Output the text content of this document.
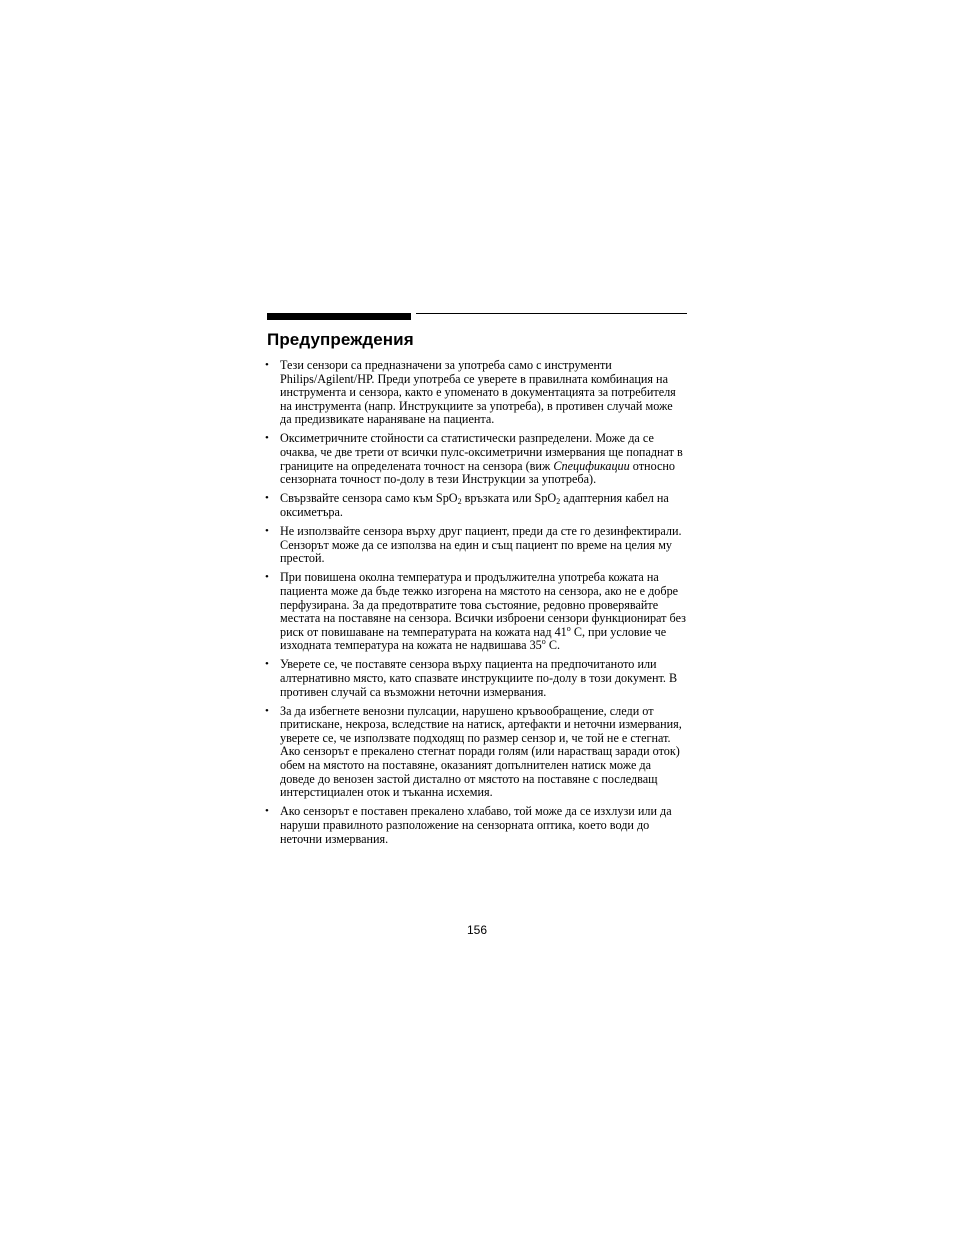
Предупреждения
• Тези сензори са предназначени за употреба само с инструменти Philips/Agilent/HP. Преди употреба се уверете в правилната комбинация на инструмента и сензора, както е упоменато в документацията за потребителя на инструмента (напр. Инструкциите за употреба), в противен случай може да предизвикате нараняване на пациента.
• Оксиметричните стойности са статистически разпределени. Може да се очаква, че две трети от всички пулс-оксиметрични измервания ще попаднат в границите на определената точност на сензора (виж Спецификации относно сензорната точност по-долу в тези Инструкции за употреба).
• Свързвайте сензора само към SpO$_2$ връзката или SpO$_2$ адаптерния кабел на оксиметъра.
• Не използвайте сензора върху друг пациент, преди да сте го дезинфектирали. Сензорът може да се използва на един и същ пациент по време на целия му престой.
• При повишена околна температура и продължителна употреба кожата на пациента може да бъде тежко изгорена на мястото на сензора, ако не е добре перфузирана. За да предотвратите това състояние, редовно проверявайте местата на поставяне на сензора. Всички изброени сензори функционират без риск от повишаване на температурата на кожата над 41$^o$ C, при условие че изходната температура на кожата не надвишава 35$^o$ C.
• Уверете се, че поставяте сензора върху пациента на предпочитаното или алтернативно място, като спазвате инструкциите по-долу в този документ. В противен случай са възможни неточни измервания.
• За да избегнете венозни пулсации, нарушено кръвообращение, следи от притискане, некроза, вследствие на натиск, артефакти и неточни измервания, уверете се, че използвате подходящ по размер сензор и, че той не е стегнат. Ако сензорът е прекалено стегнат поради голям (или нарастващ заради оток) обем на мястото на поставяне, оказаният допълнителен натиск може да доведе до венозен застой дистално от мястото на поставяне с последващ интерстициален оток и тъканна исхемия.
• Ако сензорът е поставен прекалено хлабаво, той може да се изхлузи или да наруши правилното разположение на сензорната оптика, което води до неточни измервания.
156
